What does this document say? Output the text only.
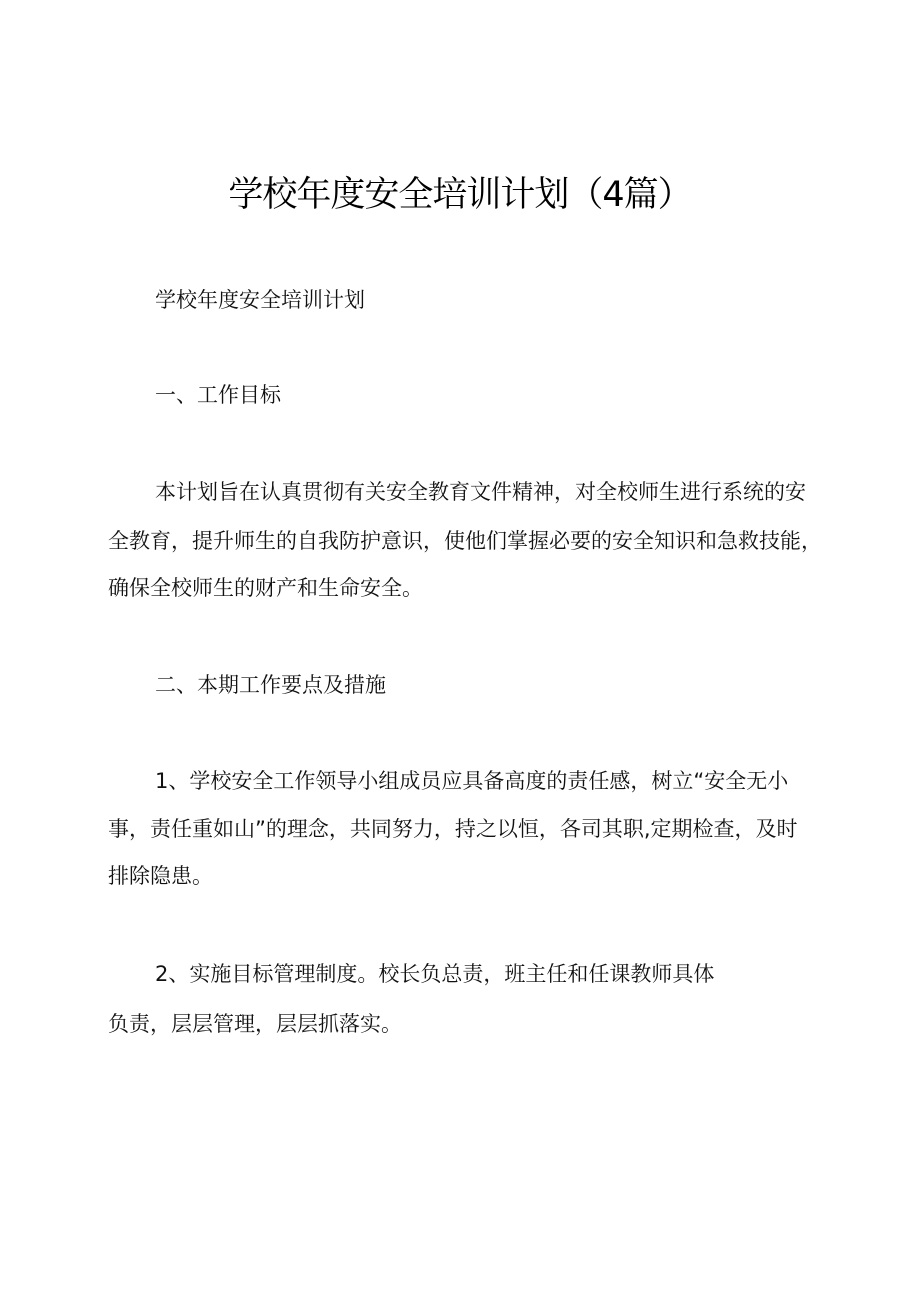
学校年度安全培训计划（4篇）
学校年度安全培训计划
一、工作目标
本计划旨在认真贯彻有关安全教育文件精神，对全校师生进行系统的安
全教育，提升师生的自我防护意识，使他们掌握必要的安全知识和急救技能，
确保全校师生的财产和生命安全。
二、本期工作要点及措施
1、学校安全工作领导小组成员应具备高度的责任感，树立“安全无小
事，责任重如山”的理念，共同努力，持之以恒，各司其职,定期检查，及时
排除隐患。
2、实施目标管理制度。校长负总责，班主任和任课教师具体
负责，层层管理，层层抓落实。
